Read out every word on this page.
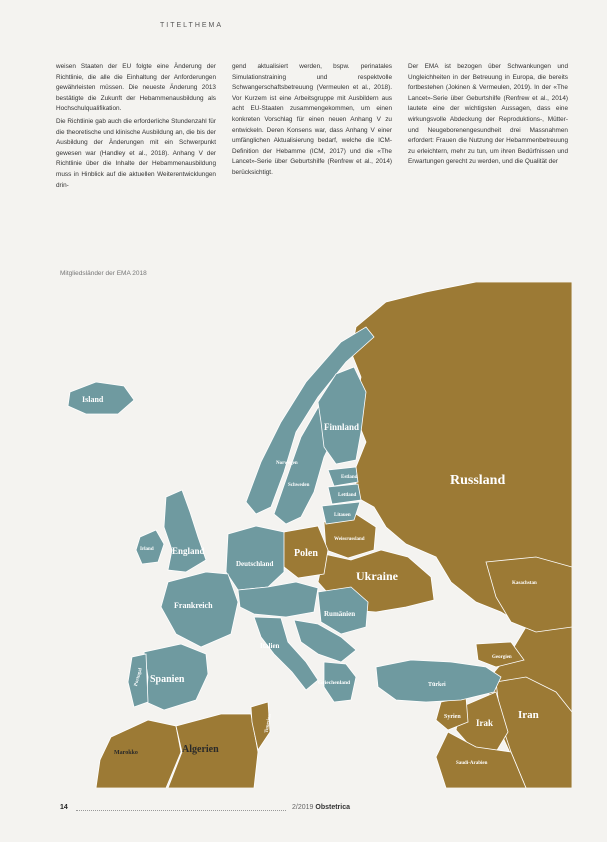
TITELTHEMA

weisen Staaten der EU folgte eine Änderung der Richtlinie, die alle die Einhaltung der Anforderungen gewährleisten müssen. Die neueste Änderung 2013 bestätigte die Zukunft der Hebammenausbildung als Hochschulqualifikation.

Die Richtlinie gab auch die erforderliche Stundenzahl für die theoretische und klinische Ausbildung an, die bis der Ausbildung der Änderungen mit ein Schwerpunkt gewesen war (Handley et al., 2018). Anhang V der Richtlinie über die Inhalte der Hebammenausbildung muss in Hinblick auf die aktuellen Weiterentwicklungen drin-

gend aktualisiert werden, bspw. perinatales Simulationstraining und respektvolle Schwangerschaftsbetreuung (Vermeulen et al., 2018). Vor Kurzem ist eine Arbeitsgruppe mit Ausbildern aus acht EU-Staaten zusammengekommen, um einen konkreten Vorschlag für einen neuen Anhang V zu entwickeln. Deren Konsens war, dass Anhang V einer umfänglichen Aktualisierung bedarf, welche die ICM-Definition der Hebamme (ICM, 2017) und die «The Lancet»-Serie über Geburtshilfe (Renfrew et al., 2014) berücksichtigt.

Der EMA ist bezogen über Schwankungen und Ungleichheiten in der Betreuung in Europa, die bereits fortbestehen (Jokinen & Vermeulen, 2019). In der «The Lancet»-Serie über Geburtshilfe (Renfrew et al., 2014) lautete eine der wichtigsten Aussagen, dass eine wirkungsvolle Abdeckung der Reproduktions-, Mütter- und Neugeborenengesundheit drei Massnahmen erfordert: Frauen die Nutzung der Hebammenbetreuung zu erleichtern, mehr zu tun, um ihren Bedürfnissen und Erwartungen gerecht zu werden, und die Qualität der

Mitgliedsländer der EMA 2018
Island
Finnland
Norwegen
Schweden
Estland
Lettland
Litauen
Russland
Weissrussland
Polen
Ukraine
Irland England
Deutschland
Frankreich
Italien
Rumänien
Griechenland	Türkei
Kasachstan
Georgien
Syrien
Irak
Iran
Saudi-Arabien
Spanien
Portugal
Marokko	Algerien
Tunesien
14	2/2019 Obstetrica
